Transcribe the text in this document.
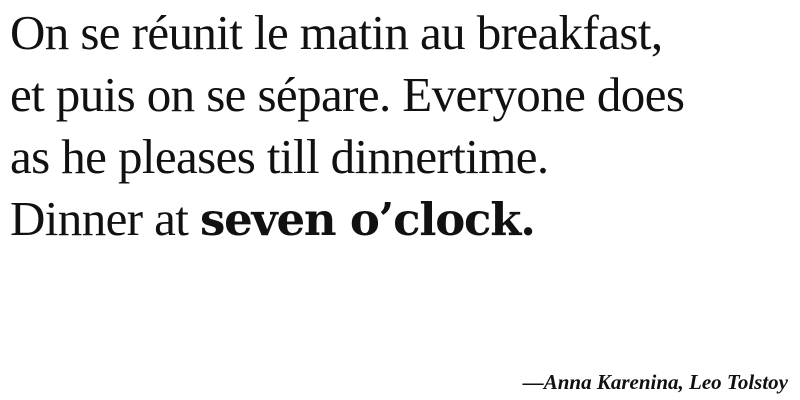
On se réunit le matin au breakfast,
et puis on se sépare. Everyone does
as he pleases till dinnertime.
Dinner at seven o’clock.

—Anna Karenina, Leo Tolstoy
